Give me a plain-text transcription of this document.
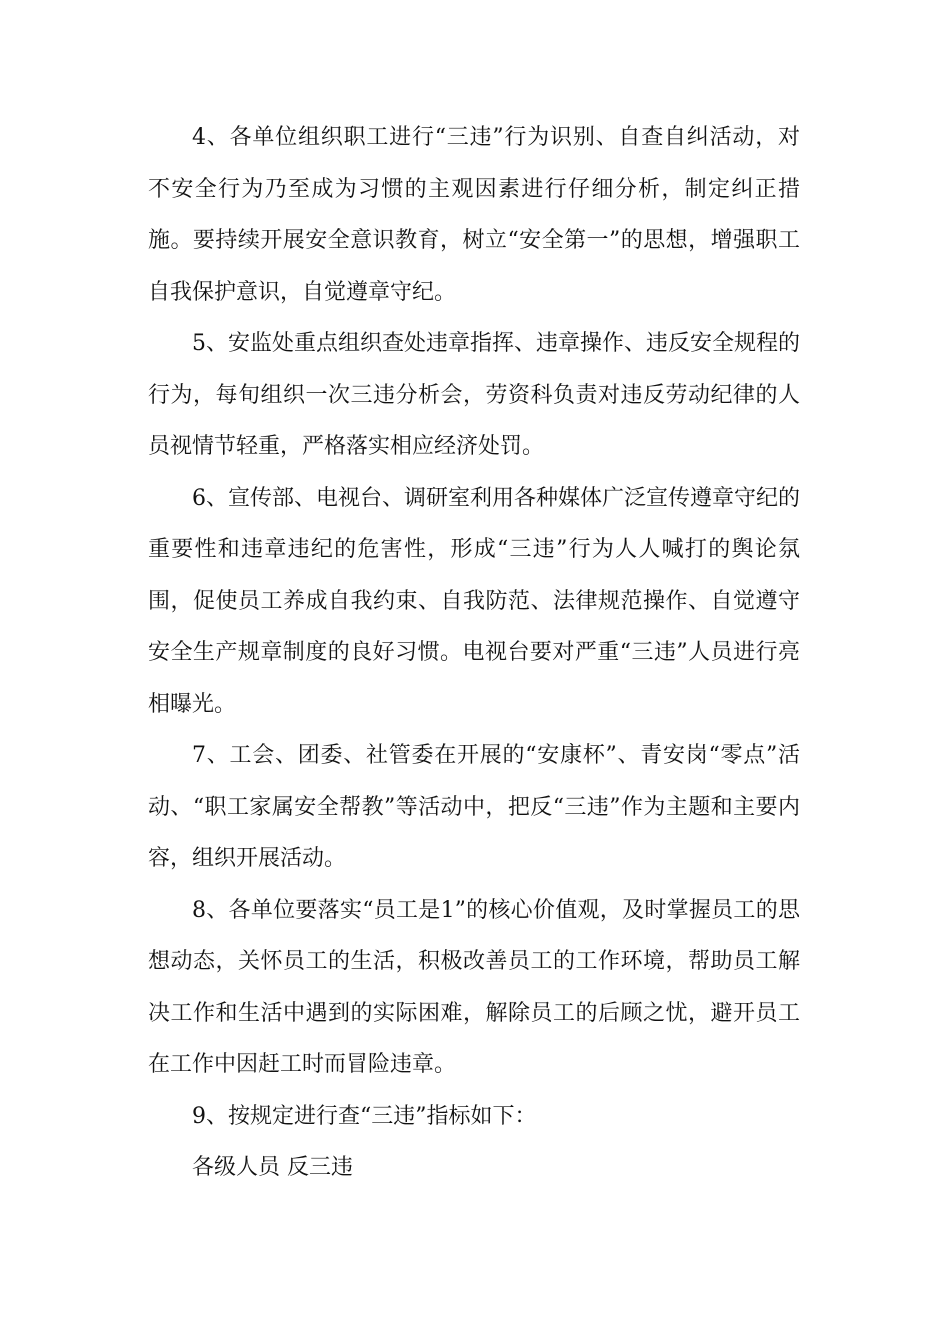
4、各单位组织职工进行“三违”行为识别、自查自纠活动，对不安全行为乃至成为习惯的主观因素进行仔细分析，制定纠正措施。要持续开展安全意识教育，树立“安全第一”的思想，增强职工自我保护意识，自觉遵章守纪。

5、安监处重点组织查处违章指挥、违章操作、违反安全规程的行为，每旬组织一次三违分析会，劳资科负责对违反劳动纪律的人员视情节轻重，严格落实相应经济处罚。

6、宣传部、电视台、调研室利用各种媒体广泛宣传遵章守纪的重要性和违章违纪的危害性，形成“三违”行为人人喊打的舆论氛围，促使员工养成自我约束、自我防范、法律规范操作、自觉遵守安全生产规章制度的良好习惯。电视台要对严重“三违”人员进行亮相曝光。

7、工会、团委、社管委在开展的“安康杯”、青安岗“零点”活动、“职工家属安全帮教”等活动中，把反“三违”作为主题和主要内容，组织开展活动。

8、各单位要落实“员工是1”的核心价值观，及时掌握员工的思想动态，关怀员工的生活，积极改善员工的工作环境，帮助员工解决工作和生活中遇到的实际困难，解除员工的后顾之忧，避开员工在工作中因赶工时而冒险违章。

9、按规定进行查“三违”指标如下：

各级人员 反三违
